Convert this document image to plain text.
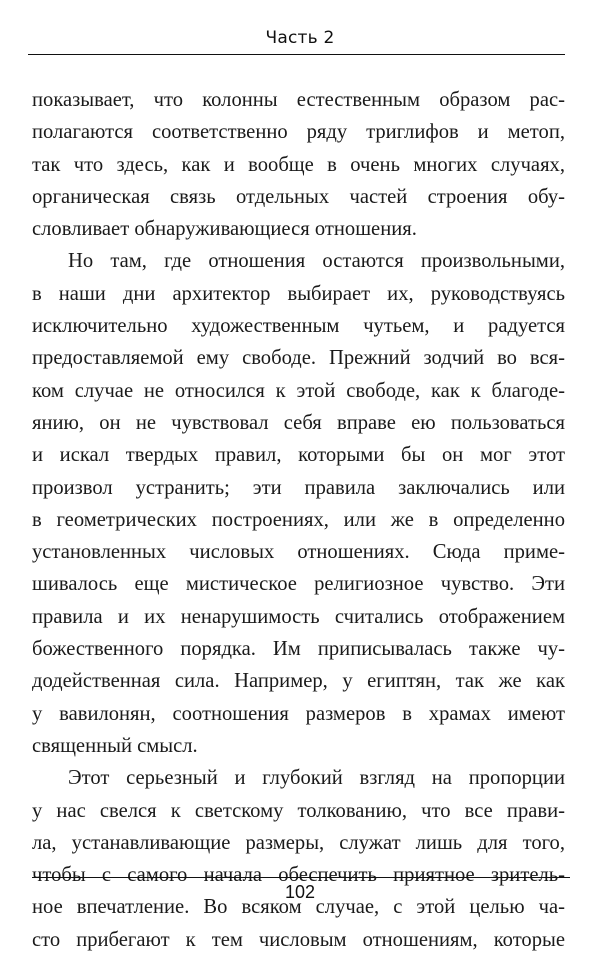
Часть 2
показывает, что колонны естественным образом рас-
полагаются соответственно ряду триглифов и метоп,
так что здесь, как и вообще в очень многих случаях,
органическая связь отдельных частей строения обу-
словливает обнаруживающиеся отношения.
Но там, где отношения остаются произвольными,
в наши дни архитектор выбирает их, руководствуясь
исключительно художественным чутьем, и радуется
предоставляемой ему свободе. Прежний зодчий во вся-
ком случае не относился к этой свободе, как к благоде-
янию, он не чувствовал себя вправе ею пользоваться
и искал твердых правил, которыми бы он мог этот
произвол устранить; эти правила заключались или
в геометрических построениях, или же в определенно
установленных числовых отношениях. Сюда приме-
шивалось еще мистическое религиозное чувство. Эти
правила и их ненарушимость считались отображением
божественного порядка. Им приписывалась также чу-
додейственная сила. Например, у египтян, так же как
у вавилонян, соотношения размеров в храмах имеют
священный смысл.
Этот серьезный и глубокий взгляд на пропорции
у нас свелся к светскому толкованию, что все прави-
ла, устанавливающие размеры, служат лишь для того,
чтобы с самого начала обеспечить приятное зритель-
ное впечатление. Во всяком случае, с этой целью ча-
сто прибегают к тем числовым отношениям, которые
102
